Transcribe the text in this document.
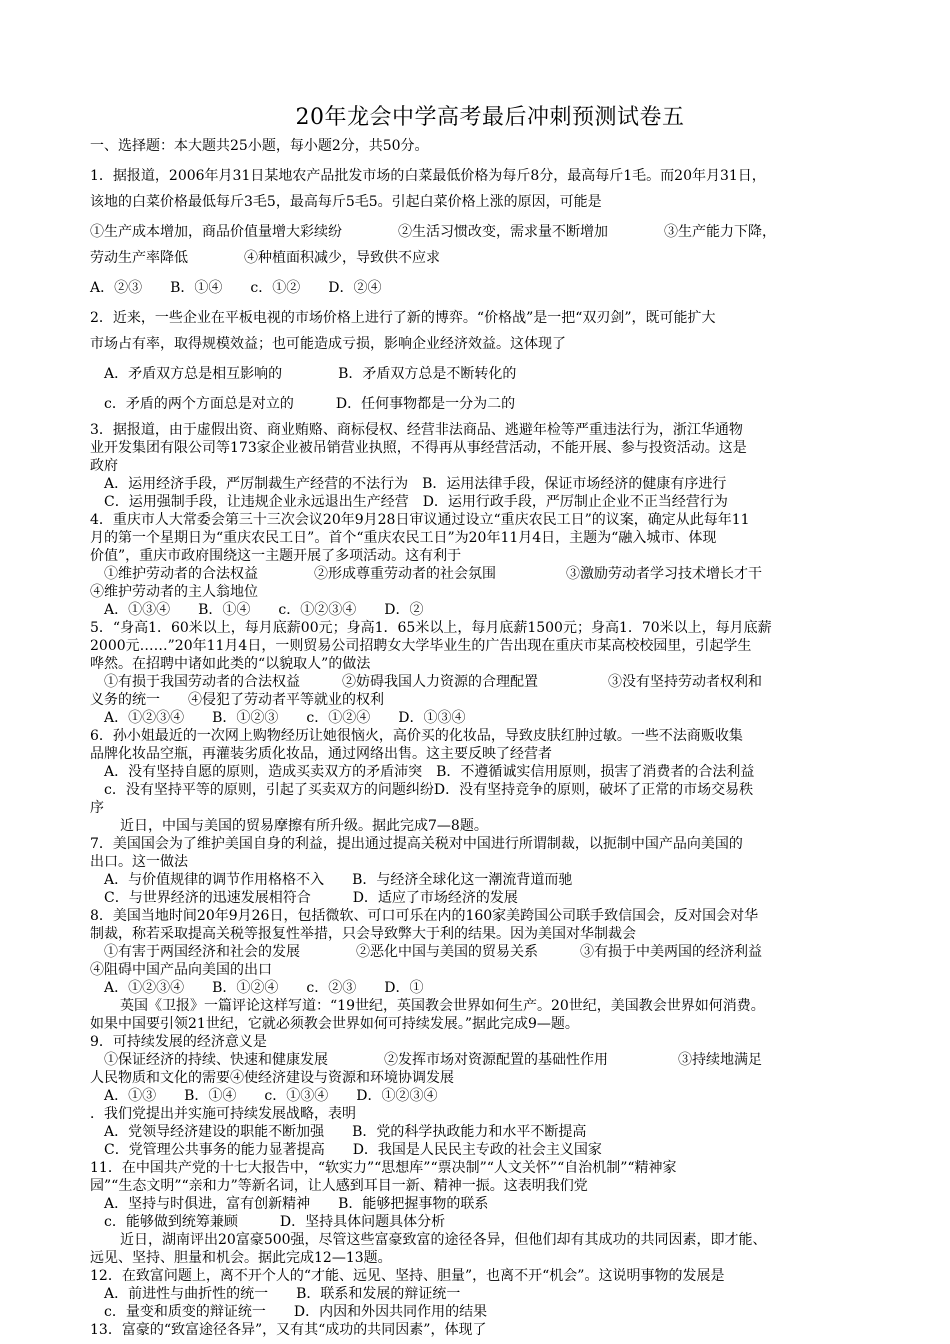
20年龙会中学高考最后冲刺预测试卷五
一、选择题：本大题共25小题，每小题2分，共50分。
1．据报道，2006年月31日某地农产品批发市场的白菜最低价格为每斤8分，最高每斤1毛。而20年月31日，
该地的白菜价格最低每斤3毛5，最高每斤5毛5。引起白菜价格上涨的原因，可能是
①生产成本增加，商品价值量增大彩续纷　　　　②生活习惯改变，需求量不断增加　　　　③生产能力下降，
劳动生产率降低　　　　④种植面积减少，导致供不应求
A．②③　　B．①④　　c．①②　　D．②④
2．近来，一些企业在平板电视的市场价格上进行了新的博弈。“价格战”是一把“双刃剑”，既可能扩大
市场占有率，取得规模效益；也可能造成亏损，影响企业经济效益。这体现了
A．矛盾双方总是相互影响的　　　　B．矛盾双方总是不断转化的
c．矛盾的两个方面总是对立的　　　D．任何事物都是一分为二的
3．据报道，由于虚假出资、商业贿赂、商标侵权、经营非法商品、逃避年检等严重违法行为，浙江华通物
业开发集团有限公司等173家企业被吊销营业执照，不得再从事经营活动，不能开展、参与投资活动。这是
政府
A．运用经济手段，严厉制裁生产经营的不法行为　B．运用法律手段，保证市场经济的健康有序进行
C．运用强制手段，让违规企业永远退出生产经营　D．运用行政手段，严厉制止企业不正当经营行为
4．重庆市人大常委会第三十三次会议20年9月28日审议通过设立“重庆农民工日”的议案，确定从此每年11
月的第一个星期日为“重庆农民工日”。首个“重庆农民工日”为20年11月4日，主题为“融入城市、体现
价值”，重庆市政府围绕这一主题开展了多项活动。这有利于
①维护劳动者的合法权益　　　　②形成尊重劳动者的社会氛围　　　　　③激励劳动者学习技术增长才干
④维护劳动者的主人翁地位
A．①③④　　B．①④　　c．①②③④　　D．②
5．“身高1．60米以上，每月底薪00元；身高1．65米以上，每月底薪1500元；身高1．70米以上，每月底薪
2000元……”20年11月4日，一则贸易公司招聘女大学毕业生的广告出现在重庆市某高校校园里，引起学生
哗然。在招聘中诸如此类的“以貌取人”的做法
①有损于我国劳动者的合法权益　　　②妨碍我国人力资源的合理配置　　　　　③没有坚持劳动者权利和
义务的统一　　④侵犯了劳动者平等就业的权利
A．①②③④　　B．①②③　　c．①②④　　D．①③④
6．孙小姐最近的一次网上购物经历让她很恼火，高价买的化妆品，导致皮肤红肿过敏。一些不法商贩收集
品牌化妆品空瓶，再灌装劣质化妆品，通过网络出售。这主要反映了经营者
A．没有坚持自愿的原则，造成买卖双方的矛盾沛突　B．不遵循诚实信用原则，损害了消费者的合法利益
c．没有坚持平等的原则，引起了买卖双方的问题纠纷D．没有坚持竞争的原则，破坏了正常的市场交易秩
序
近日，中国与美国的贸易摩擦有所升级。据此完成7—8题。
7．美国国会为了维护美国自身的利益，提出通过提高关税对中国进行所谓制裁，以扼制中国产品向美国的
出口。这一做法
A．与价值规律的调节作用格格不入　　B．与经济全球化这一潮流背道而驰
C．与世界经济的迅速发展相符合　　　D．适应了市场经济的发展
8．美国当地时间20年9月26日，包括微软、可口可乐在内的160家美跨国公司联手致信国会，反对国会对华
制裁，称若采取提高关税等报复性举措，只会导致弊大于利的结果。因为美国对华制裁会
①有害于两国经济和社会的发展　　　　②恶化中国与美国的贸易关系　　　③有损于中美两国的经济利益
④阻碍中国产品向美国的出口
A．①②③④　　B．①②④　　c．②③　　D．①
英国《卫报》一篇评论这样写道：“19世纪，英国教会世界如何生产。20世纪，美国教会世界如何消费。
如果中国要引领21世纪，它就必须教会世界如何可持续发展。”据此完成9—题。
9．可持续发展的经济意义是
①保证经济的持续、快速和健康发展　　　　②发挥市场对资源配置的基础性作用　　　　　③持续地满足
人民物质和文化的需要④使经济建设与资源和环境协调发展
A．①③　　B．①④　　c．①③④　　D．①②③④
．我们党提出并实施可持续发展战略，表明
A．党领导经济建设的职能不断加强　　B．党的科学执政能力和水平不断提高
C．党管理公共事务的能力显著提高　　D．我国是人民民主专政的社会主义国家
11．在中国共产党的十七大报告中，“软实力”“思想库”“票决制”“人文关怀”“自治机制”“精神家
园”“生态文明”“亲和力”等新名词，让人感到耳目一新、精神一振。这表明我们党
A．坚持与时俱进，富有创新精神　　B．能够把握事物的联系
c．能够做到统筹兼顾　　　D．坚持具体问题具体分析
近日，湖南评出20富豪500强，尽管这些富豪致富的途径各异，但他们却有其成功的共同因素，即才能、
远见、坚持、胆量和机会。据此完成12—13题。
12．在致富问题上，离不开个人的“才能、远见、坚持、胆量”，也离不开“机会”。这说明事物的发展是
A．前进性与曲折性的统一　　B．联系和发展的辩证统一
c．量变和质变的辩证统一　　D．内因和外因共同作用的结果
13．富豪的“致富途径各异”，又有其“成功的共同因素”，体现了
